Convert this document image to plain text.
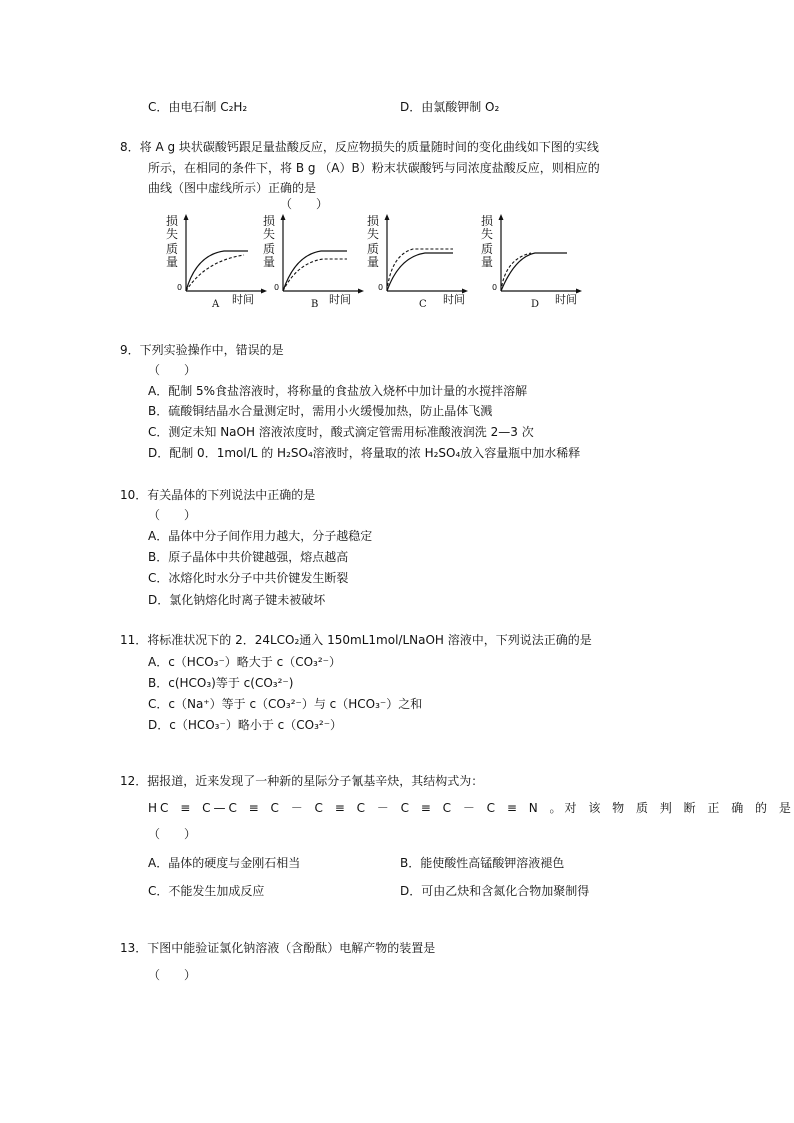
C．由电石制 C₂H₂	D．由氯酸钾制 O₂
8．将 A g 块状碳酸钙跟足量盐酸反应，反应物损失的质量随时间的变化曲线如下图的实线
所示，在相同的条件下，将 B g （A）B）粉末状碳酸钙与同浓度盐酸反应，则相应的
曲线（图中虚线所示）正确的是
（　　）
损
失
质
量
0
时间
A
损
失
质
量
0
时间
B
损
失
质
量
0
时间
C
损
失
质
量
0
时间
D
9．下列实验操作中，错误的是
（　　）
A．配制 5%食盐溶液时，将称量的食盐放入烧杯中加计量的水搅拌溶解
B．硫酸铜结晶水合量测定时，需用小火缓慢加热，防止晶体飞溅
C．测定未知 NaOH 溶液浓度时，酸式滴定管需用标准酸液润洗 2—3 次
D．配制 0．1mol/L 的 H₂SO₄溶液时，将量取的浓 H₂SO₄放入容量瓶中加水稀释
10．有关晶体的下列说法中正确的是
（　　）
A．晶体中分子间作用力越大，分子越稳定
B．原子晶体中共价键越强，熔点越高
C．冰熔化时水分子中共价键发生断裂
D．氯化钠熔化时离子键未被破坏
11．将标准状况下的 2．24LCO₂通入 150mL1mol/LNaOH 溶液中，下列说法正确的是
A．c（HCO₃⁻）略大于 c（CO₃²⁻）
B．c(HCO₃)等于 c(CO₃²⁻)
C．c（Na⁺）等于 c（CO₃²⁻）与 c（HCO₃⁻）之和
D．c（HCO₃⁻）略小于 c（CO₃²⁻）
12．据报道，近来发现了一种新的星际分子氰基辛炔，其结构式为：
HC ≡ C—C ≡ C － C ≡ C － C ≡ C － C ≡ N 。对 该 物 质 判 断 正 确 的 是
（　　）
A．晶体的硬度与金刚石相当	B．能使酸性高锰酸钾溶液褪色
C．不能发生加成反应	D．可由乙炔和含氮化合物加聚制得
13．下图中能验证氯化钠溶液（含酚酞）电解产物的装置是
（　　）
